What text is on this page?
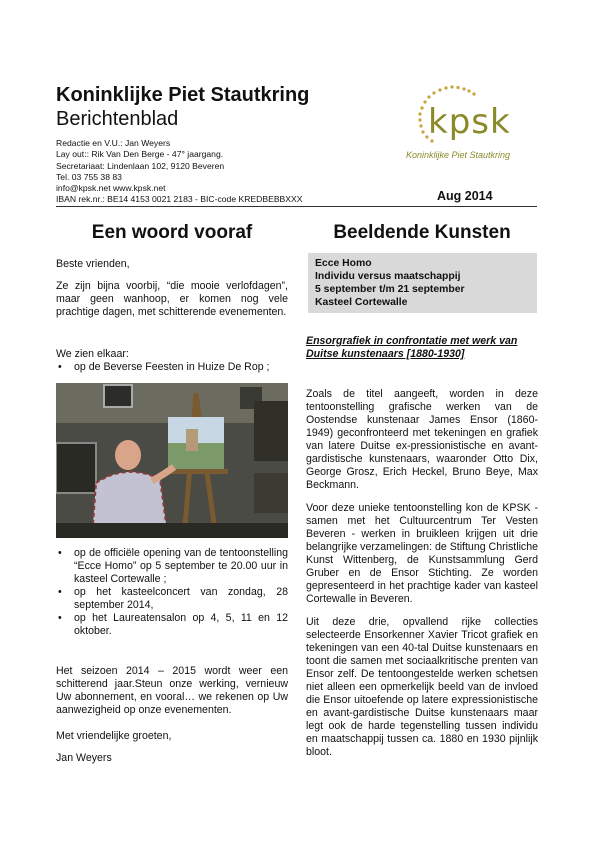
Koninklijke Piet Stautkring
Berichtenblad
Redactie en V.U.: Jan Weyers
Lay out:: Rik Van Den Berge - 47° jaargang.
Secretariaat: Lindenlaan 102, 9120 Beveren
Tel. 03 755 38 83
info@kpsk.net www.kpsk.net
IBAN rek.nr.: BE14 4153 0021 2183 - BIC-code KREDBEBBXXX
kpsk
Koninklijke Piet Stautkring
Aug 2014
Een woord vooraf
Beste vrienden,
Ze zijn bijna voorbij, “die mooie verlofdagen”, maar geen wanhoop, er komen nog vele prachtige dagen, met schitterende evenementen.
We zien elkaar:
• op de Beverse Feesten in Huize De Rop ;
• op de officiële opening van de tentoonstelling “Ecce Homo” op 5 september te 20.00 uur in kasteel Cortewalle ;
• op het kasteelconcert van zondag, 28 september 2014,
• op het Laureatensalon op 4, 5, 11 en 12 oktober.
Het seizoen 2014 – 2015 wordt weer een schitterend jaar.Steun onze werking, vernieuw Uw abonnement, en vooral… we rekenen op Uw aanwezigheid op onze evenementen.
Met vriendelijke groeten,
Jan Weyers
Beeldende Kunsten
Ecce Homo
Individu versus maatschappij
5 september t/m 21 september
Kasteel Cortewalle
Ensorgrafiek in confrontatie met werk van Duitse kunstenaars [1880-1930]
Zoals de titel aangeeft, worden in deze tentoonstelling grafische werken van de Oostendse kunstenaar James Ensor (1860-1949) geconfronteerd met tekeningen en grafiek van latere Duitse ex-pressionistische en avant-gardistische kunstenaars, waaronder Otto Dix, George Grosz, Erich Heckel, Bruno Beye, Max Beckmann.
Voor deze unieke tentoonstelling kon de KPSK - samen met het Cultuurcentrum Ter Vesten Beveren - werken in bruikleen krijgen uit drie belangrijke verzamelingen: de Stiftung Christliche Kunst Wittenberg, de Kunstsammlung Gerd Gruber en de Ensor Stichting. Ze worden gepresenteerd in het prachtige kader van kasteel Cortewalle in Beveren.
Uit deze drie, opvallend rijke collecties selecteerde Ensorkenner Xavier Tricot grafiek en tekeningen van een 40-tal Duitse kunstenaars en toont die samen met sociaalkritische prenten van Ensor zelf. De tentoongestelde werken schetsen niet alleen een opmerkelijk beeld van de invloed die Ensor uitoefende op latere expressionistische en avant-gardistische Duitse kunstenaars maar legt ook de harde tegenstelling tussen individu en maatschappij tussen ca. 1880 en 1930 pijnlijk bloot.
